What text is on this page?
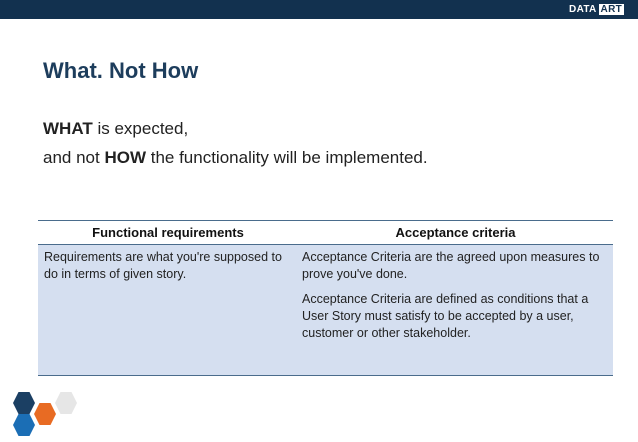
DATA ART
What. Not How
WHAT is expected,
and not HOW the functionality will be implemented.
Functional requirements	Acceptance criteria
Requirements are what you're supposed to do in terms of given story.

Acceptance Criteria are the agreed upon measures to prove you've done.

Acceptance Criteria are defined as conditions that a User Story must satisfy to be accepted by a user, customer or other stakeholder.
